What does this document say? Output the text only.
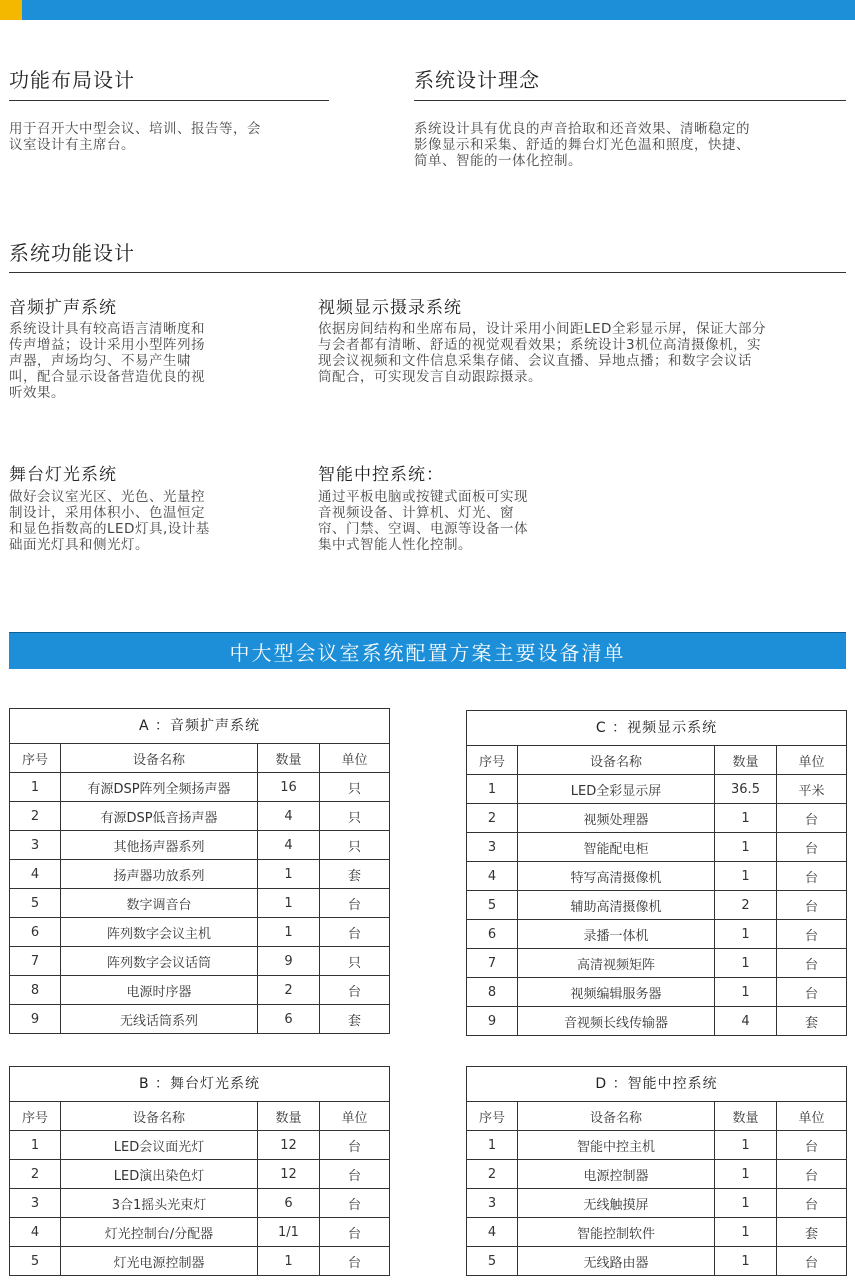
功能布局设计
用于召开大中型会议、培训、报告等，会
议室设计有主席台。
系统设计理念
系统设计具有优良的声音拾取和还音效果、清晰稳定的
影像显示和采集、舒适的舞台灯光色温和照度，快捷、
简单、智能的一体化控制。
系统功能设计
音频扩声系统
系统设计具有较高语言清晰度和
传声增益；设计采用小型阵列扬
声器，声场均匀、不易产生啸
叫，配合显示设备营造优良的视
听效果。
视频显示摄录系统
依据房间结构和坐席布局，设计采用小间距LED全彩显示屏，保证大部分
与会者都有清晰、舒适的视觉观看效果；系统设计3机位高清摄像机，实
现会议视频和文件信息采集存储、会议直播、异地点播；和数字会议话
筒配合，可实现发言自动跟踪摄录。
舞台灯光系统
做好会议室光区、光色、光量控
制设计，采用体积小、色温恒定
和显色指数高的LED灯具,设计基
础面光灯具和侧光灯。
智能中控系统：
通过平板电脑或按键式面板可实现
音视频设备、计算机、灯光、窗
帘、门禁、空调、电源等设备一体
集中式智能人性化控制。
中大型会议室系统配置方案主要设备清单
A ：音频扩声系统
序号	设备名称	数量	单位
1	有源DSP阵列全频扬声器	16	只
2	有源DSP低音扬声器	4	只
3	其他扬声器系列	4	只
4	扬声器功放系列	1	套
5	数字调音台	1	台
6	阵列数字会议主机	1	台
7	阵列数字会议话筒	9	只
8	电源时序器	2	台
9	无线话筒系列	6	套
C ：视频显示系统
序号	设备名称	数量	单位
1	LED全彩显示屏	36.5	平米
2	视频处理器	1	台
3	智能配电柜	1	台
4	特写高清摄像机	1	台
5	辅助高清摄像机	2	台
6	录播一体机	1	台
7	高清视频矩阵	1	台
8	视频编辑服务器	1	台
9	音视频长线传输器	4	套
B ：舞台灯光系统
序号	设备名称	数量	单位
1	LED会议面光灯	12	台
2	LED演出染色灯	12	台
3	3合1摇头光束灯	6	台
4	灯光控制台/分配器	1/1	台
5	灯光电源控制器	1	台
D ：智能中控系统
序号	设备名称	数量	单位
1	智能中控主机	1	台
2	电源控制器	1	台
3	无线触摸屏	1	台
4	智能控制软件	1	套
5	无线路由器	1	台
